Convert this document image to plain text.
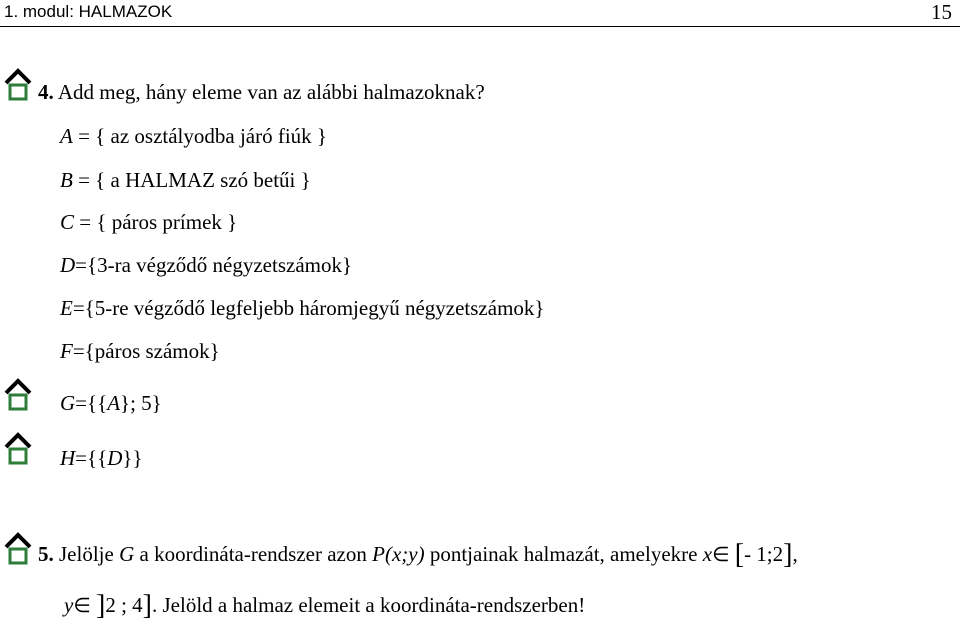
1. modul: HALMAZOK	15
4. Add meg, hány eleme van az alábbi halmazoknak?
A = { az osztályodba járó fiúk }
B = { a HALMAZ szó betűi }
C = { páros prímek }
D={3-ra végződő négyzetszámok}
E={5-re végződő legfeljebb háromjegyű négyzetszámok}
F={páros számok}
G={{A}; 5}
H={{D}}
5. Jelölje G a koordináta-rendszer azon P(x;y) pontjainak halmazát, amelyekre x∈ [- 1;2],
y∈ ]2 ; 4]. Jelöld a halmaz elemeit a koordináta-rendszerben!
